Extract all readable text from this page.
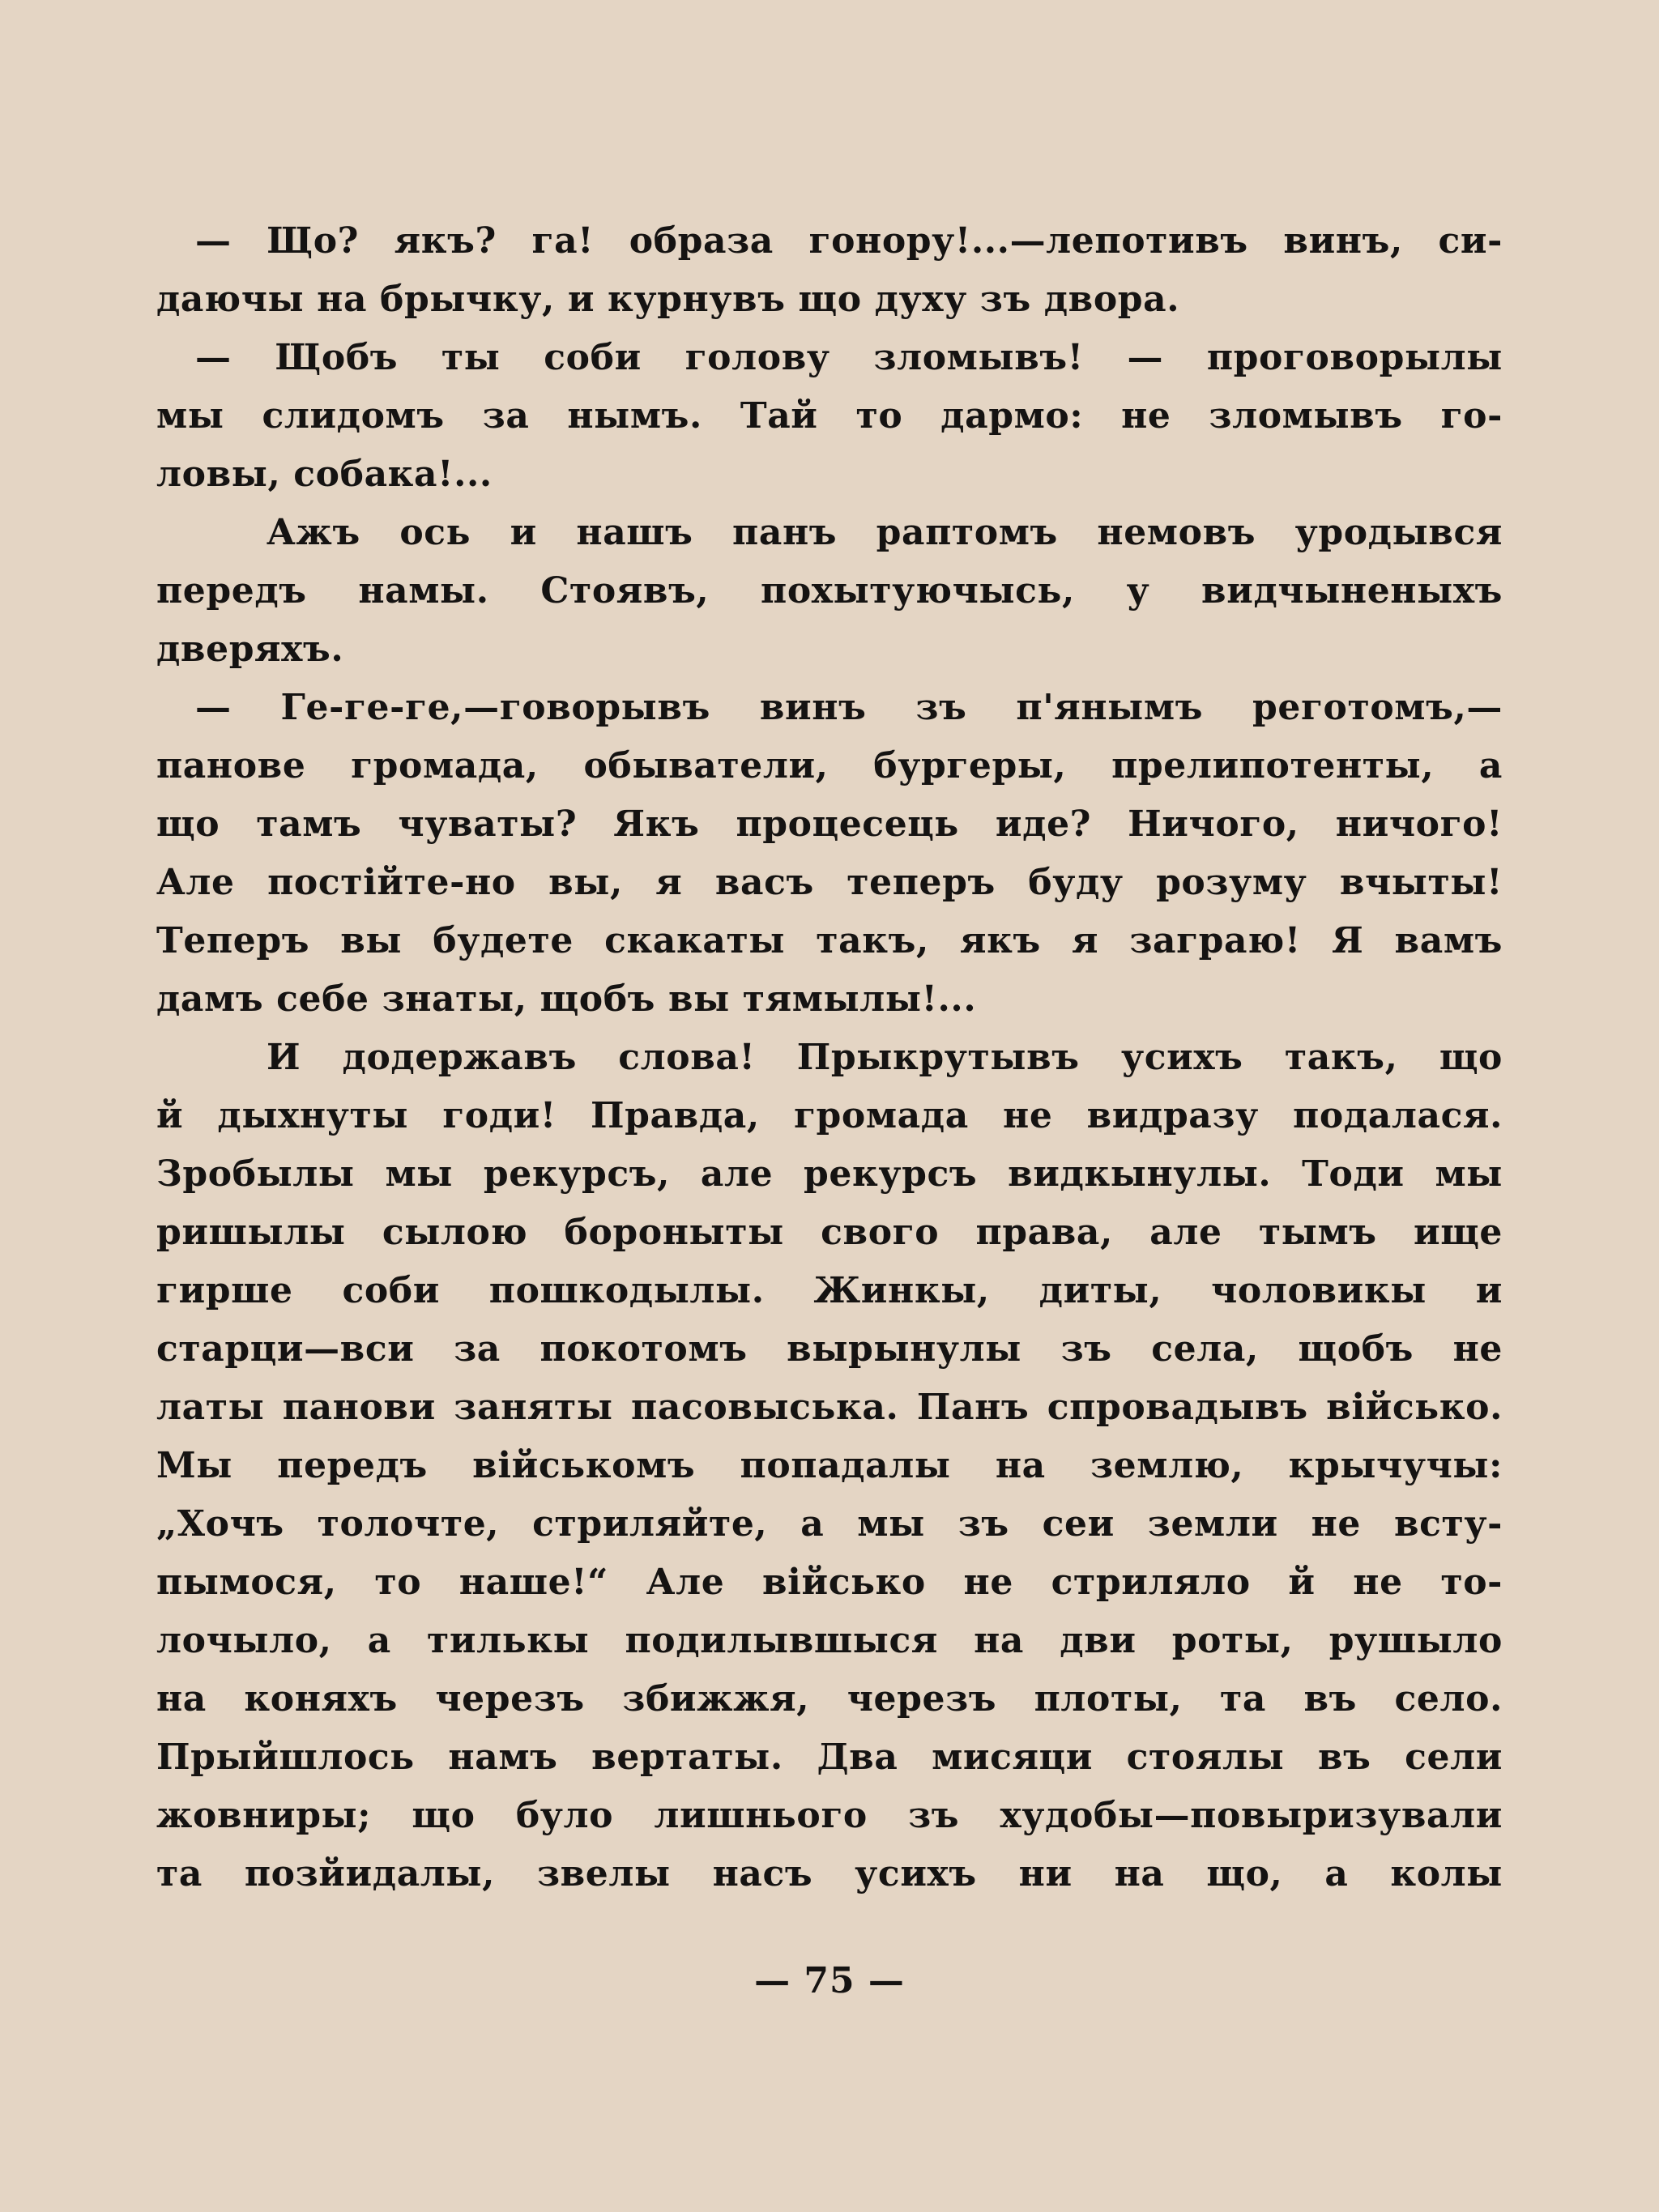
— Що? якъ? га! образа гонору!...—лепотивъ винъ, си-
даючы на брычку, и курнувъ що духу зъ двора.
— Щобъ ты соби голову зломывъ! — проговорылы
мы слидомъ за нымъ. Тай то дармо: не зломывъ го-
ловы, собака!...
Ажъ ось и нашъ панъ раптомъ немовъ уродывся
передъ намы. Стоявъ, похытуючысь, у видчыненыхъ
дверяхъ.
— Ге-ге-ге,—говорывъ винъ зъ п'янымъ реготомъ,—
панове громада, обыватели, бургеры, прелипотенты, а
що тамъ чуваты? Якъ процесець иде? Ничого, ничого!
Але постійте-но вы, я васъ теперъ буду розуму вчыты!
Теперъ вы будете скакаты такъ, якъ я заграю! Я вамъ
дамъ себе знаты, щобъ вы тямылы!...
И додержавъ слова! Прыкрутывъ усихъ такъ, що
й дыхнуты годи! Правда, громада не видразу подалася.
Зробылы мы рекурсъ, але рекурсъ видкынулы. Тоди мы
ришылы сылою бороныты свого права, але тымъ ище
гирше соби пошкодылы. Жинкы, диты, чоловикы и
старци—вси за покотомъ вырынулы зъ села, щобъ не
латы панови заняты пасовыська. Панъ спровадывъ військо.
Мы передъ військомъ попадалы на землю, крычучы:
„Хочъ толочте, стриляйте, а мы зъ сеи земли не всту-
пымося, то наше!“ Але військо не стриляло й не то-
лочыло, а тилькы подилывшыся на дви роты, рушыло
на коняхъ черезъ збижжя, черезъ плоты, та въ село.
Прыйшлось намъ вертаты. Два мисяци стоялы въ сели
жовниры; що було лишнього зъ худобы—повыризували
та позйидалы, звелы насъ усихъ ни на що, а колы
— 75 —
